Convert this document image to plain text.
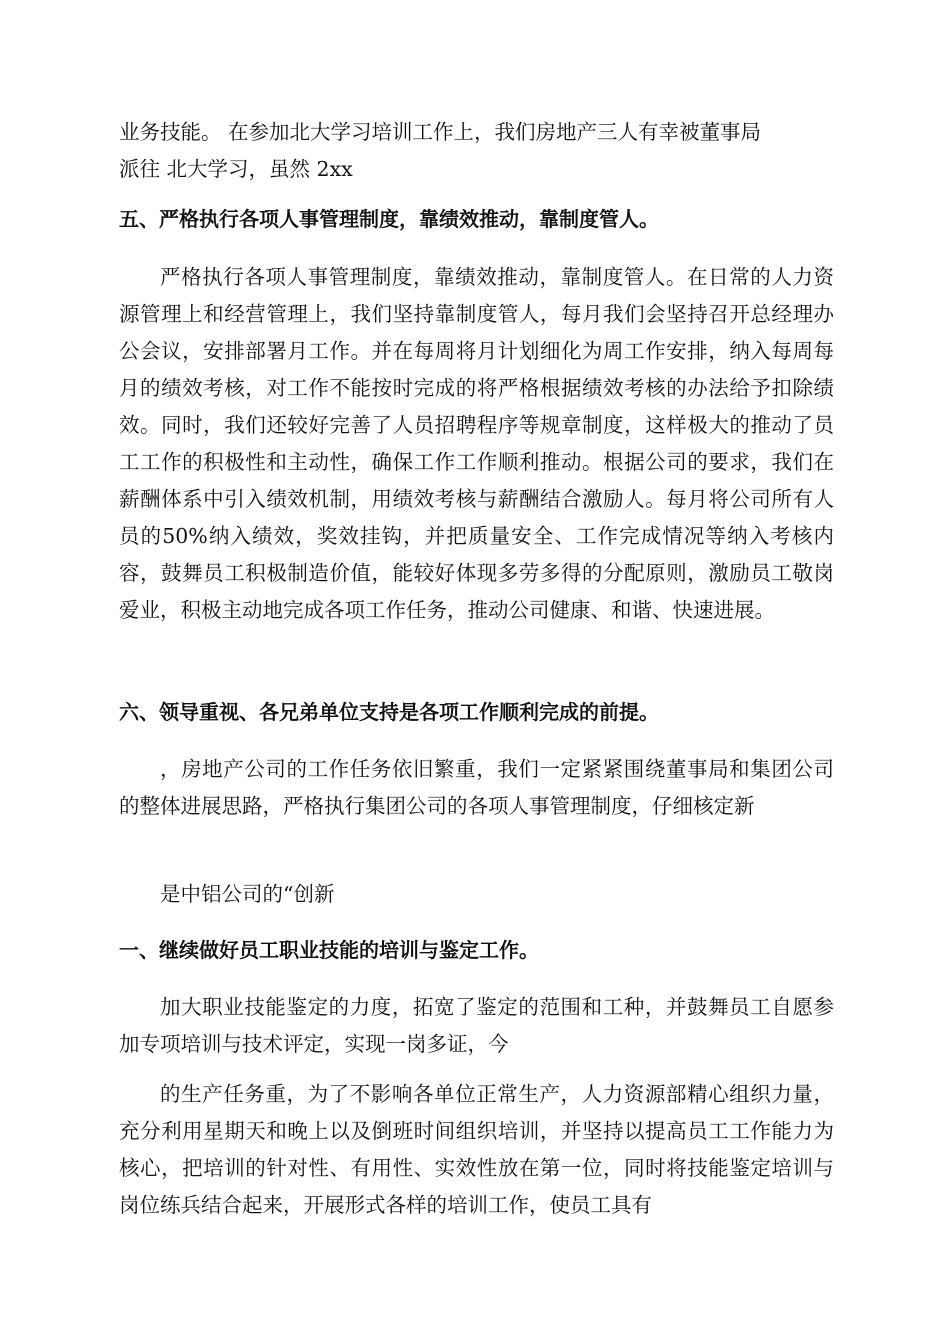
业务技能。 在参加北大学习培训工作上，我们房地产三人有幸被董事局
派往 北大学习，虽然 2xx

五、严格执行各项人事管理制度，靠绩效推动，靠制度管人。

严格执行各项人事管理制度，靠绩效推动，靠制度管人。在日常的人力资源管理上和经营管理上，我们坚持靠制度管人，每月我们会坚持召开总经理办公会议，安排部署月工作。并在每周将月计划细化为周工作安排，纳入每周每月的绩效考核，对工作不能按时完成的将严格根据绩效考核的办法给予扣除绩效。同时，我们还较好完善了人员招聘程序等规章制度，这样极大的推动了员工工作的积极性和主动性，确保工作工作顺利推动。根据公司的要求，我们在薪酬体系中引入绩效机制，用绩效考核与薪酬结合激励人。每月将公司所有人员的50%纳入绩效，奖效挂钩，并把质量安全、工作完成情况等纳入考核内容，鼓舞员工积极制造价值，能较好体现多劳多得的分配原则，激励员工敬岗爱业，积极主动地完成各项工作任务，推动公司健康、和谐、快速进展。

六、领导重视、各兄弟单位支持是各项工作顺利完成的前提。

，房地产公司的工作任务依旧繁重，我们一定紧紧围绕董事局和集团公司的整体进展思路，严格执行集团公司的各项人事管理制度，仔细核定新

是中铝公司的“创新

一、继续做好员工职业技能的培训与鉴定工作。

加大职业技能鉴定的力度，拓宽了鉴定的范围和工种，并鼓舞员工自愿参加专项培训与技术评定，实现一岗多证，今

的生产任务重，为了不影响各单位正常生产，人力资源部精心组织力量，充分利用星期天和晚上以及倒班时间组织培训，并坚持以提高员工工作能力为核心，把培训的针对性、有用性、实效性放在第一位，同时将技能鉴定培训与岗位练兵结合起来，开展形式各样的培训工作，使员工具有
